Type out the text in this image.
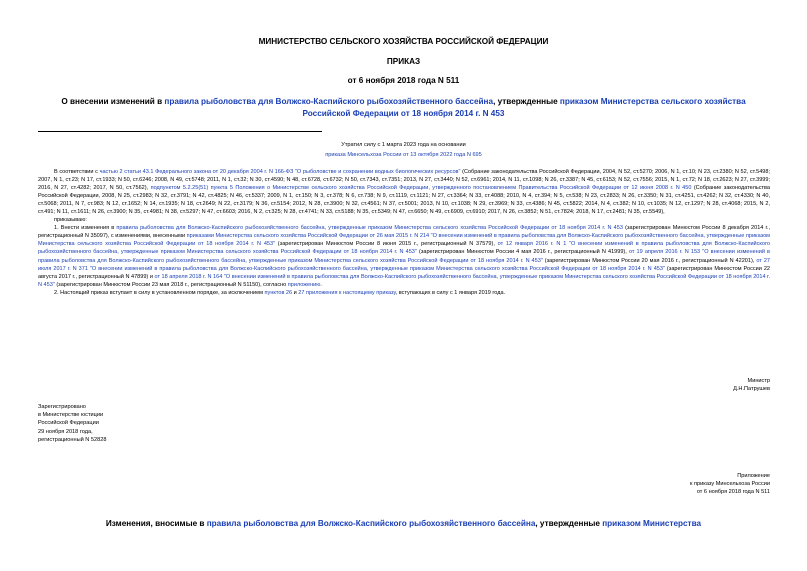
МИНИСТЕРСТВО СЕЛЬСКОГО ХОЗЯЙСТВА РОССИЙСКОЙ ФЕДЕРАЦИИ
ПРИКАЗ
от 6 ноября 2018 года N 511
О внесении изменений в правила рыболовства для Волжско-Каспийского рыбохозяйственного бассейна, утвержденные приказом Министерства сельского хозяйства Российской Федерации от 18 ноября 2014 г. N 453
Утратил силу с 1 марта 2023 года на основании
приказа Минсельхоза России от 13 октября 2022 года N 695

В соответствии с частью 2 статьи 43.1 Федерального закона от 20 декабря 2004 г. N 166-ФЗ "О рыболовстве и сохранении водных биологических ресурсов" (Собрание законодательства Российской Федерации, 2004, N 52, ст.5270; 2006, N 1, ст.10; N 23, ст.2380; N 52, ст.5498; 2007, N 1, ст.23; N 17, ст.1933; N 50, ст.6246; 2008, N 49, ст.5748; 2011, N 1, ст.32; N 30, ст.4590; N 48, ст.6728, ст.6732; N 50, ст.7343, ст.7351; 2013, N 27, ст.3440; N 52, ст.6961; 2014, N 11, ст.1098; N 26, ст.3387; N 45, ст.6153; N 52, ст.7556; 2015, N 1, ст.72; N 18, ст.2623; N 27, ст.3999; 2016, N 27, ст.4282; 2017, N 50, ст.7562), подпунктом 5.2.25(51) пункта 5 Положения о Министерстве сельского хозяйства Российской Федерации, утвержденного постановлением Правительства Российской Федерации от 12 июня 2008 г. N 450 (Собрание законодательства Российской Федерации, 2008, N 25, ст.2983; N 32, ст.3791; N 42, ст.4825; N 46, ст.5337; 2009, N 1, ст.150; N 3, ст.378; N 6, ст.738; N 9, ст.1119, ст.1121; N 27, ст.3364; N 33, ст.4088; 2010, N 4, ст.394; N 5, ст.538; N 23, ст.2833; N 26, ст.3350; N 31, ст.4251, ст.4262; N 32, ст.4330; N 40, ст.5068; 2011, N 7, ст.983; N 12, ст.1652; N 14, ст.1935; N 18, ст.2649; N 22, ст.3179; N 36, ст.5154; 2012, N 28, ст.3900; N 32, ст.4561; N 37, ст.5001; 2013, N 10, ст.1038; N 29, ст.3969; N 33, ст.4386; N 45, ст.5822; 2014, N 4, ст.382; N 10, ст.1035; N 12, ст.1297; N 28, ст.4068; 2015, N 2, ст.491; N 11, ст.1611; N 26, ст.3900; N 35, ст.4981; N 38, ст.5297; N 47, ст.6603; 2016, N 2, ст.325; N 28, ст.4741; N 33, ст.5188; N 35, ст.5349; N 47, ст.6650; N 49, ст.6909, ст.6910; 2017, N 26, ст.3852; N 51, ст.7824; 2018, N 17, ст.2481; N 35, ст.5549),

приказываю:

1. Внести изменения в правила рыболовства для Волжско-Каспийского рыбохозяйственного бассейна, утвержденные приказом Министерства сельского хозяйства Российской Федерации от 18 ноября 2014 г. N 453 (зарегистрирован Минюстом России 8 декабря 2014 г., регистрационный N 35097), с изменениями, внесенными приказами Министерства сельского хозяйства Российской Федерации от 26 мая 2015 г. N 214 "О внесении изменений в правила рыболовства для Волжско-Каспийского рыбохозяйственного бассейна, утвержденные приказом Министерства сельского хозяйства Российской Федерации от 18 ноября 2014 г. N 453" (зарегистрирован Минюстом России 8 июня 2015 г., регистрационный N 37579), от 12 января 2016 г. N 1 "О внесении изменений в правила рыболовства для Волжско-Каспийского рыбохозяйственного бассейна, утвержденные приказом Министерства сельского хозяйства Российской Федерации от 18 ноября 2014 г. N 453" (зарегистрирован Минюстом России 4 мая 2016 г., регистрационный N 41999), от 19 апреля 2016 г. N 153 "О внесении изменений в правила рыболовства для Волжско-Каспийского рыбохозяйственного бассейна, утвержденные приказом Министерства сельского хозяйства Российской Федерации от 18 ноября 2014 г. N 453" (зарегистрирован Минюстом России 20 мая 2016 г., регистрационный N 42201), от 27 июля 2017 г. N 371 "О внесении изменений в правила рыболовства для Волжско-Каспийского рыбохозяйственного бассейна, утвержденные приказом Министерства сельского хозяйства Российской Федерации от 18 ноября 2014 г. N 453" (зарегистрирован Минюстом России 22 августа 2017 г., регистрационный N 47899) и от 18 апреля 2018 г. N 164 "О внесении изменений в правила рыболовства для Волжско-Каспийского рыбохозяйственного бассейна, утвержденные приказом Министерства сельского хозяйства Российской Федерации от 18 ноября 2014 г. N 453" (зарегистрирован Минюстом России 23 мая 2018 г., регистрационный N 51150), согласно приложению.

2. Настоящий приказ вступает в силу в установленном порядке, за исключением пунктов 26 и 27 приложения к настоящему приказу, вступающих в силу с 1 января 2019 года.

Министр
Д.Н.Патрушев
Зарегистрировано
в Министерстве юстиции
Российской Федерации
29 ноября 2018 года,
регистрационный N 52828
Приложение
к приказу Минсельхоза России
от 6 ноября 2018 года N 511
Изменения, вносимые в правила рыболовства для Волжско-Каспийского рыбохозяйственного бассейна, утвержденные приказом Министерства
